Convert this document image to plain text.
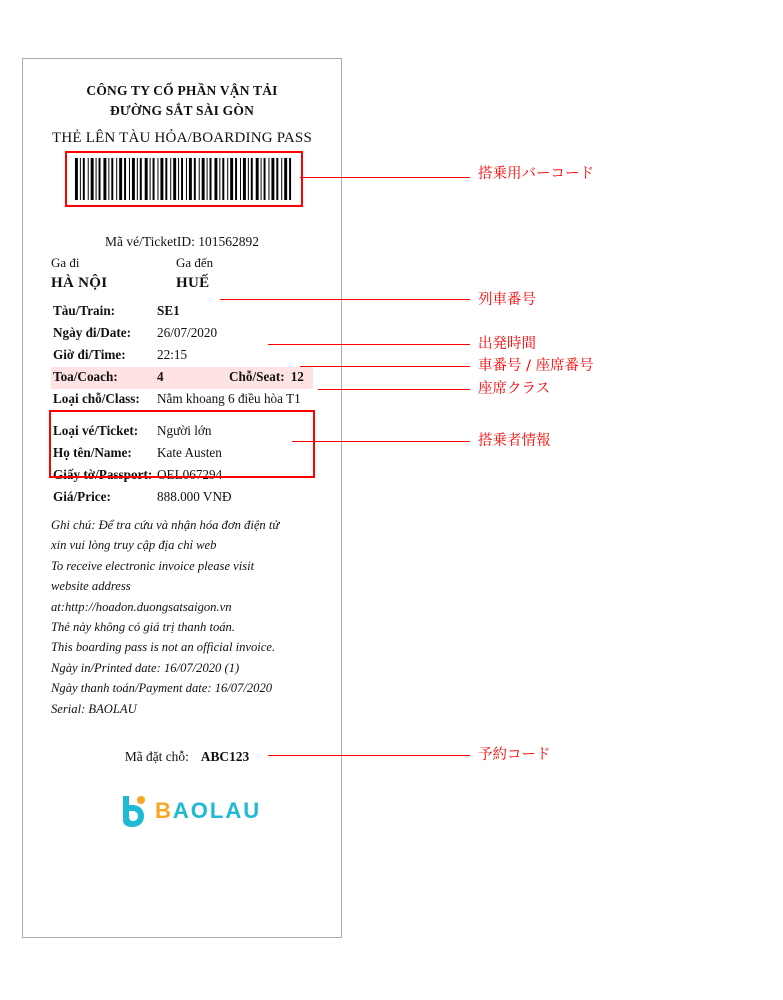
CÔNG TY CỔ PHẦN VẬN TẢI
ĐƯỜNG SẮT SÀI GÒN
THẺ LÊN TÀU HỎA/BOARDING PASS
Mã vé/TicketID: 101562892
Ga đi
HÀ NỘI
Ga đến
HUẾ
Tàu/Train:	SE1
Ngày đi/Date:	26/07/2020
Giờ đi/Time:	22:15
Toa/Coach:	4	Chỗ/Seat: 12
Loại chỗ/Class:	Nằm khoang 6 điều hòa T1
Loại vé/Ticket:	Người lớn
Họ tên/Name:	Kate Austen
Giấy tờ/Passport: OEL067294
Giá/Price:	888.000 VNĐ
Ghi chú: Để tra cứu và nhận hóa đơn điện tử
xin vui lòng truy cập địa chỉ web
To receive electronic invoice please visit
website address
at:http://hoadon.duongsatsaigon.vn
Thẻ này không có giá trị thanh toán.
This boarding pass is not an official invoice.
Ngày in/Printed date: 16/07/2020 (1)
Ngày thanh toán/Payment date: 16/07/2020
Serial: BAOLAU
Mã đặt chỗ: ABC123
BAOLAU
搭乗用バーコード
列車番号
出発時間
車番号 / 座席番号
座席クラス
搭乗者情報
予約コード
